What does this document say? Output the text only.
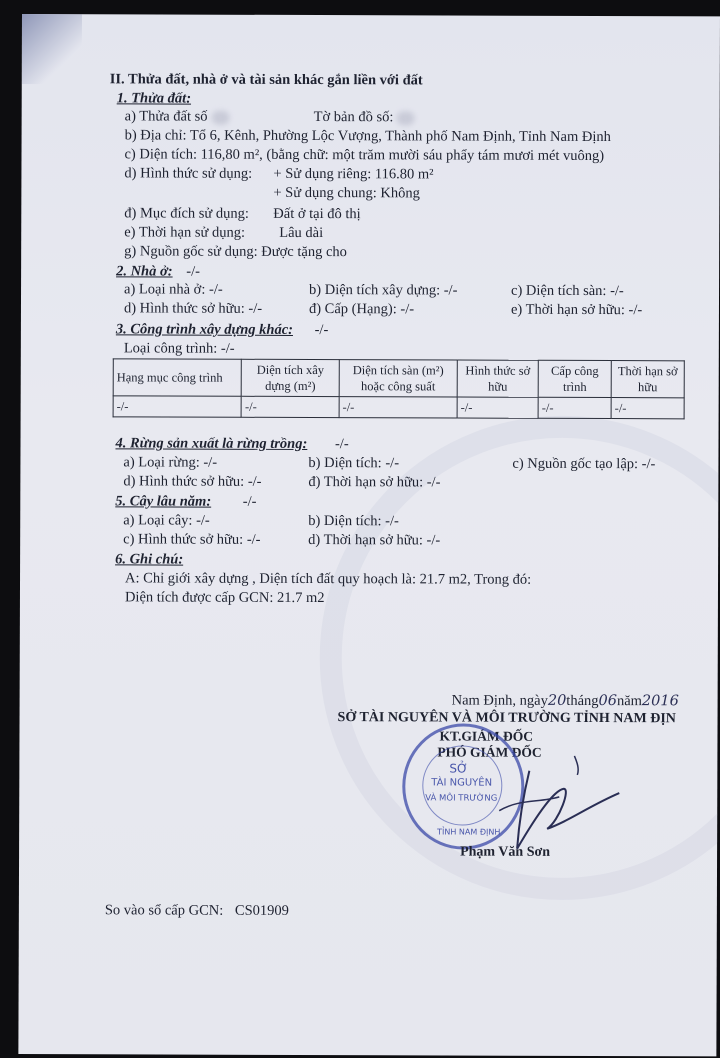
II. Thửa đất, nhà ở và tài sản khác gắn liền với đất
1. Thửa đất:
a) Thửa đất số	Tờ bản đồ số:
b) Địa chỉ: Tổ 6, Kênh, Phường Lộc Vượng, Thành phố Nam Định, Tỉnh Nam Định
c) Diện tích: 116,80 m², (bằng chữ: một trăm mười sáu phẩy tám mươi mét vuông)
d) Hình thức sử dụng: + Sử dụng riêng: 116.80 m²
+ Sử dụng chung: Không
đ) Mục đích sử dụng: Đất ở tại đô thị
e) Thời hạn sử dụng: Lâu dài
g) Nguồn gốc sử dụng: Được tặng cho
2. Nhà ở: -/-
a) Loại nhà ở: -/-	b) Diện tích xây dựng: -/-	c) Diện tích sàn: -/-
d) Hình thức sở hữu: -/-	đ) Cấp (Hạng): -/-	e) Thời hạn sở hữu: -/-
3. Công trình xây dựng khác: -/-
Loại công trình: -/-
Hạng mục công trình	Diện tích xây dựng (m²)	Diện tích sàn (m²) hoặc công suất	Hình thức sở hữu	Cấp công trình	Thời hạn sở hữu
-/-	-/-	-/-	-/-	-/-	-/-
4. Rừng sản xuất là rừng trồng: -/-
a) Loại rừng: -/-	b) Diện tích: -/-	c) Nguồn gốc tạo lập: -/-
d) Hình thức sở hữu: -/-	đ) Thời hạn sở hữu: -/-
5. Cây lâu năm: -/-
a) Loại cây: -/-	b) Diện tích: -/-
c) Hình thức sở hữu: -/-	d) Thời hạn sở hữu: -/-
6. Ghi chú:
A: Chỉ giới xây dựng , Diện tích đất quy hoạch là: 21.7 m2, Trong đó:
Diện tích được cấp GCN: 21.7 m2
Nam Định, ngày20tháng06năm2016
SỞ TÀI NGUYÊN VÀ MÔI TRƯỜNG TỈNH NAM ĐỊN
KT.GIÁM ĐỐC
PHÓ GIÁM ĐỐC
SỞ
TÀI NGUYÊN
VÀ MÔI TRƯỜNG
TỈNH NAM ĐỊNH
Phạm Văn Sơn
So vào sổ cấp GCN: CS01909
